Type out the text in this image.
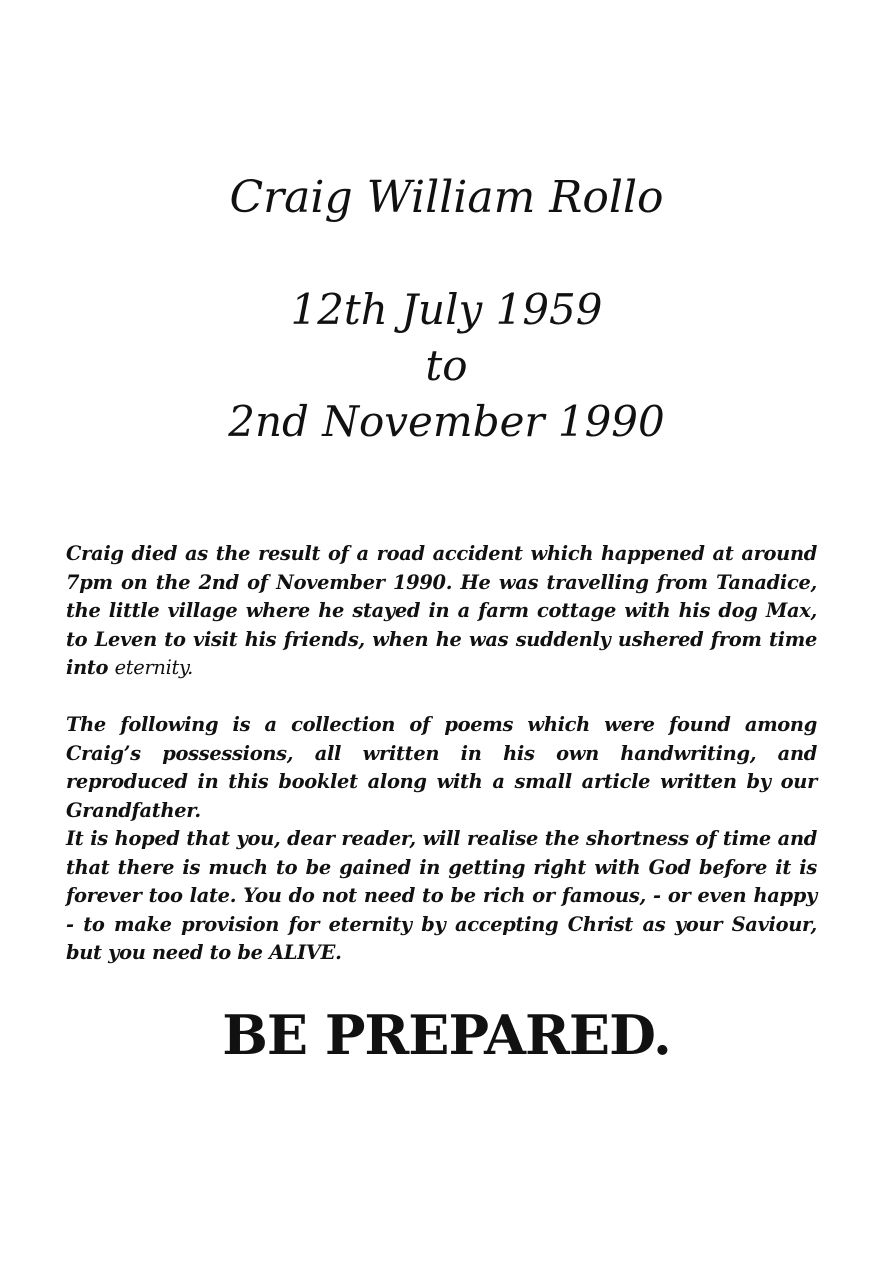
Craig William Rollo
12th July 1959
to
2nd November 1990
Craig died as the result of a road accident which happened at around 7pm on the 2nd of November 1990. He was travelling from Tanadice, the little village where he stayed in a farm cottage with his dog Max, to Leven to visit his friends, when he was suddenly ushered from time into eternity.
The following is a collection of poems which were found among Craig’s possessions, all written in his own handwriting, and reproduced in this booklet along with a small article written by our Grandfather.
It is hoped that you, dear reader, will realise the shortness of time and that there is much to be gained in getting right with God before it is forever too late. You do not need to be rich or famous, - or even happy - to make provision for eternity by accepting Christ as your Saviour, but you need to be ALIVE.
BE PREPARED.
